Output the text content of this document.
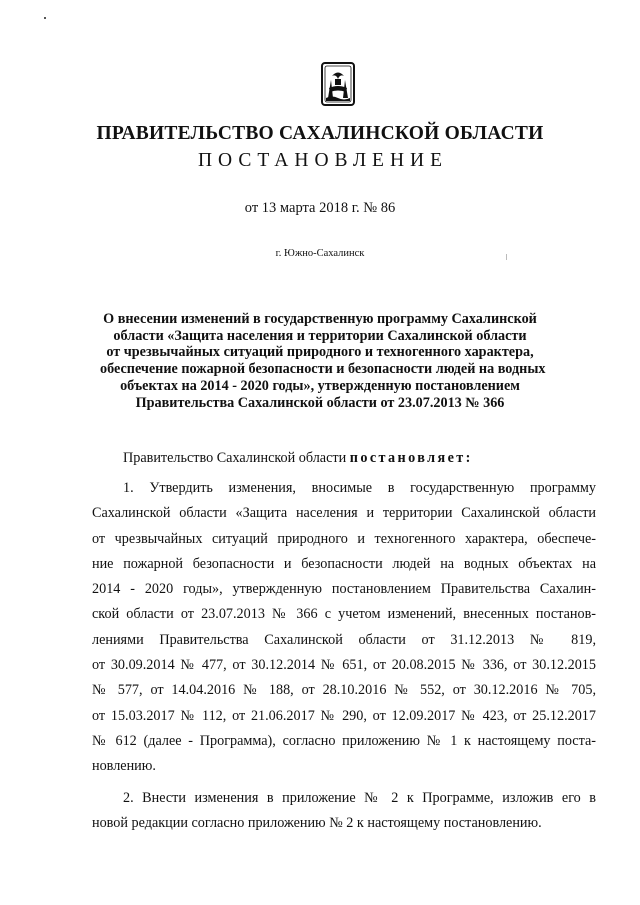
ПРАВИТЕЛЬСТВО САХАЛИНСКОЙ ОБЛАСТИ
ПОСТАНОВЛЕНИЕ

от 13 марта 2018 г. № 86

г. Южно-Сахалинск

О внесении изменений в государственную программу Сахалинской
области «Защита населения и территории Сахалинской области
от чрезвычайных ситуаций природного и техногенного характера,
обеспечение пожарной безопасности и безопасности людей на водных
объектах на 2014 - 2020 годы», утвержденную постановлением
Правительства Сахалинской области от 23.07.2013 № 366

Правительство Сахалинской области постановляет:

1. Утвердить изменения, вносимые в государственную программу
Сахалинской области «Защита населения и территории Сахалинской области
от чрезвычайных ситуаций природного и техногенного характера, обеспече-
ние пожарной безопасности и безопасности людей на водных объектах на
2014 - 2020 годы», утвержденную постановлением Правительства Сахалин-
ской области от 23.07.2013 № 366 с учетом изменений, внесенных постанов-
лениями Правительства Сахалинской области от 31.12.2013 № 819,
от 30.09.2014 № 477, от 30.12.2014 № 651, от 20.08.2015 № 336, от 30.12.2015
№ 577, от 14.04.2016 № 188, от 28.10.2016 № 552, от 30.12.2016 № 705,
от 15.03.2017 № 112, от 21.06.2017 № 290, от 12.09.2017 № 423, от 25.12.2017
№ 612 (далее - Программа), согласно приложению № 1 к настоящему поста-
новлению.
2. Внести изменения в приложение № 2 к Программе, изложив его в
новой редакции согласно приложению № 2 к настоящему постановлению.
